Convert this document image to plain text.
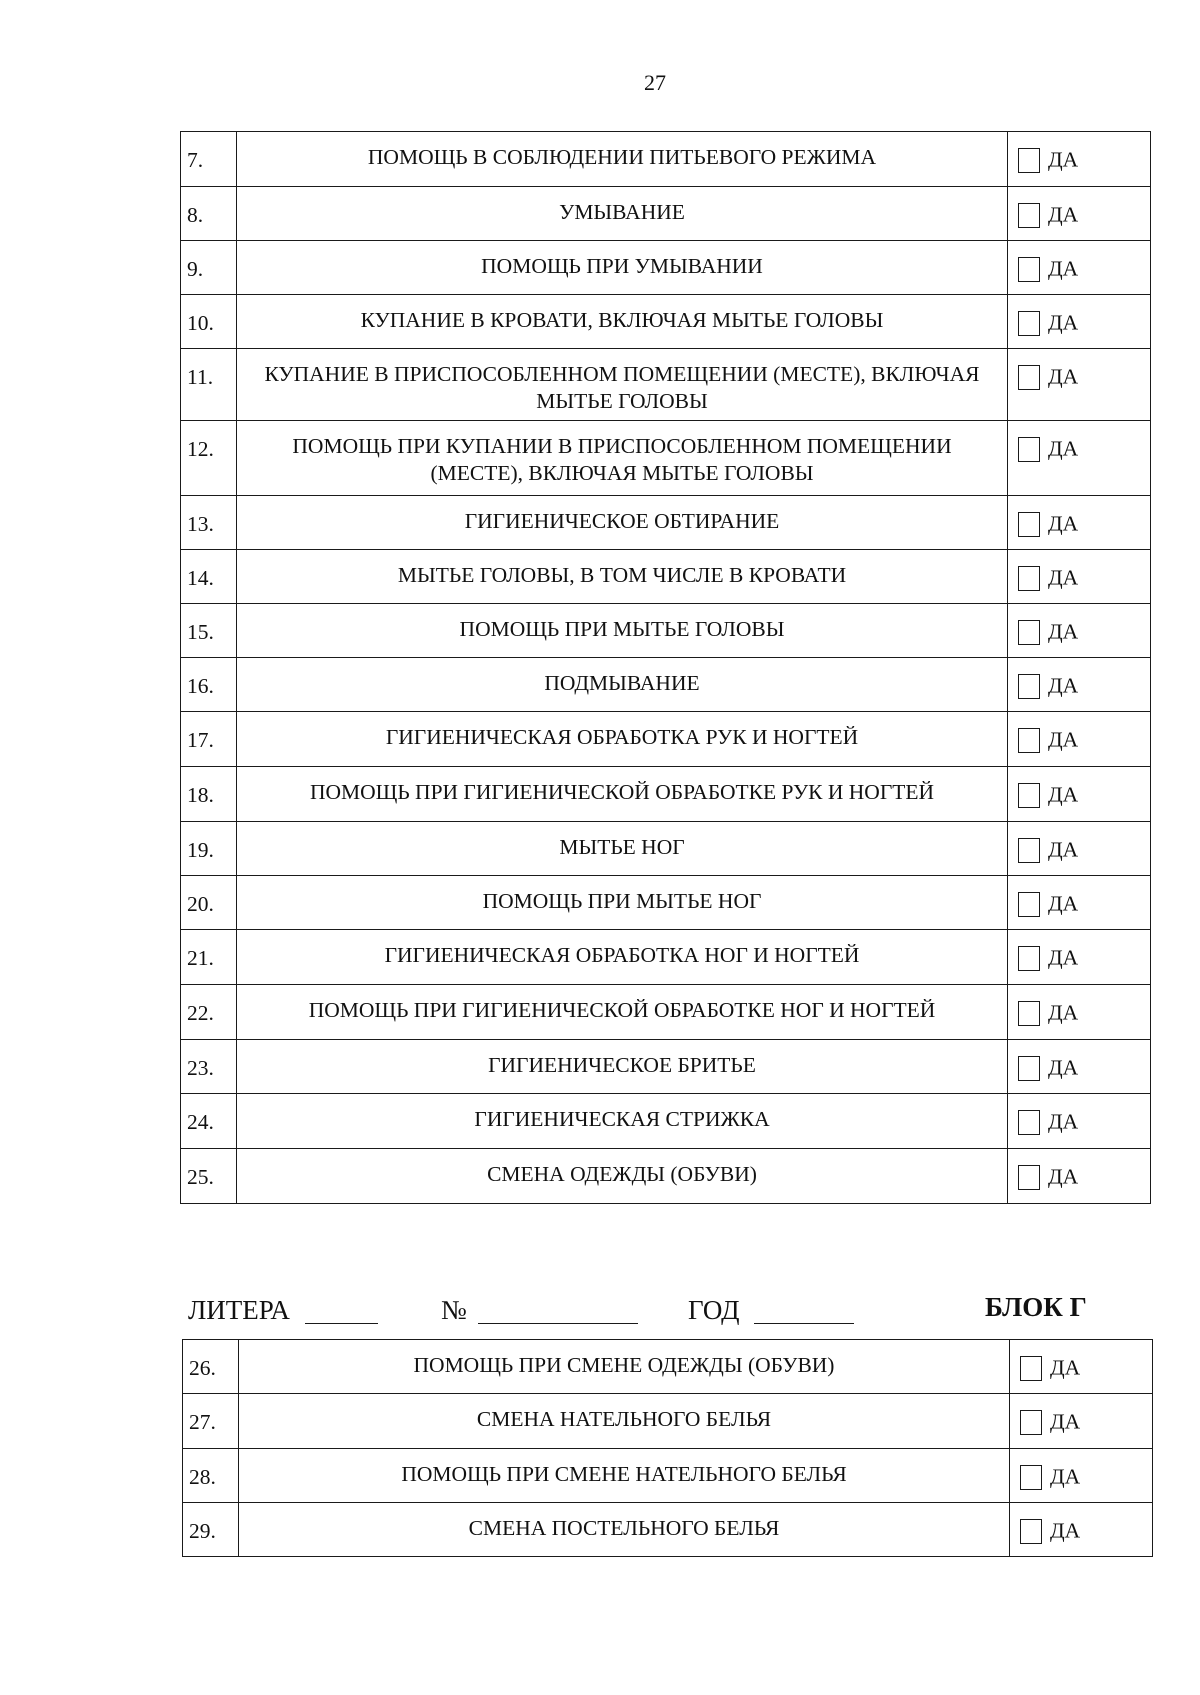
27
7.	ПОМОЩЬ В СОБЛЮДЕНИИ ПИТЬЕВОГО РЕЖИМА	ДА
8.	УМЫВАНИЕ	ДА
9.	ПОМОЩЬ ПРИ УМЫВАНИИ	ДА
10.	КУПАНИЕ В КРОВАТИ, ВКЛЮЧАЯ МЫТЬЕ ГОЛОВЫ	ДА
11.	КУПАНИЕ В ПРИСПОСОБЛЕННОМ ПОМЕЩЕНИИ (МЕСТЕ), ВКЛЮЧАЯ МЫТЬЕ ГОЛОВЫ	ДА
12.	ПОМОЩЬ ПРИ КУПАНИИ В ПРИСПОСОБЛЕННОМ ПОМЕЩЕНИИ (МЕСТЕ), ВКЛЮЧАЯ МЫТЬЕ ГОЛОВЫ	ДА
13.	ГИГИЕНИЧЕСКОЕ ОБТИРАНИЕ	ДА
14.	МЫТЬЕ ГОЛОВЫ, В ТОМ ЧИСЛЕ В КРОВАТИ	ДА
15.	ПОМОЩЬ ПРИ МЫТЬЕ ГОЛОВЫ	ДА
16.	ПОДМЫВАНИЕ	ДА
17.	ГИГИЕНИЧЕСКАЯ ОБРАБОТКА РУК И НОГТЕЙ	ДА
18.	ПОМОЩЬ ПРИ ГИГИЕНИЧЕСКОЙ ОБРАБОТКЕ РУК И НОГТЕЙ	ДА
19.	МЫТЬЕ НОГ	ДА
20.	ПОМОЩЬ ПРИ МЫТЬЕ НОГ	ДА
21.	ГИГИЕНИЧЕСКАЯ ОБРАБОТКА НОГ И НОГТЕЙ	ДА
22.	ПОМОЩЬ ПРИ ГИГИЕНИЧЕСКОЙ ОБРАБОТКЕ НОГ И НОГТЕЙ	ДА
23.	ГИГИЕНИЧЕСКОЕ БРИТЬЕ	ДА
24.	ГИГИЕНИЧЕСКАЯ СТРИЖКА	ДА
25.	СМЕНА ОДЕЖДЫ (ОБУВИ)	ДА
ЛИТЕРА	№	ГОД	БЛОК Г
26.	ПОМОЩЬ ПРИ СМЕНЕ ОДЕЖДЫ (ОБУВИ)	ДА
27.	СМЕНА НАТЕЛЬНОГО БЕЛЬЯ	ДА
28.	ПОМОЩЬ ПРИ СМЕНЕ НАТЕЛЬНОГО БЕЛЬЯ	ДА
29.	СМЕНА ПОСТЕЛЬНОГО БЕЛЬЯ	ДА
